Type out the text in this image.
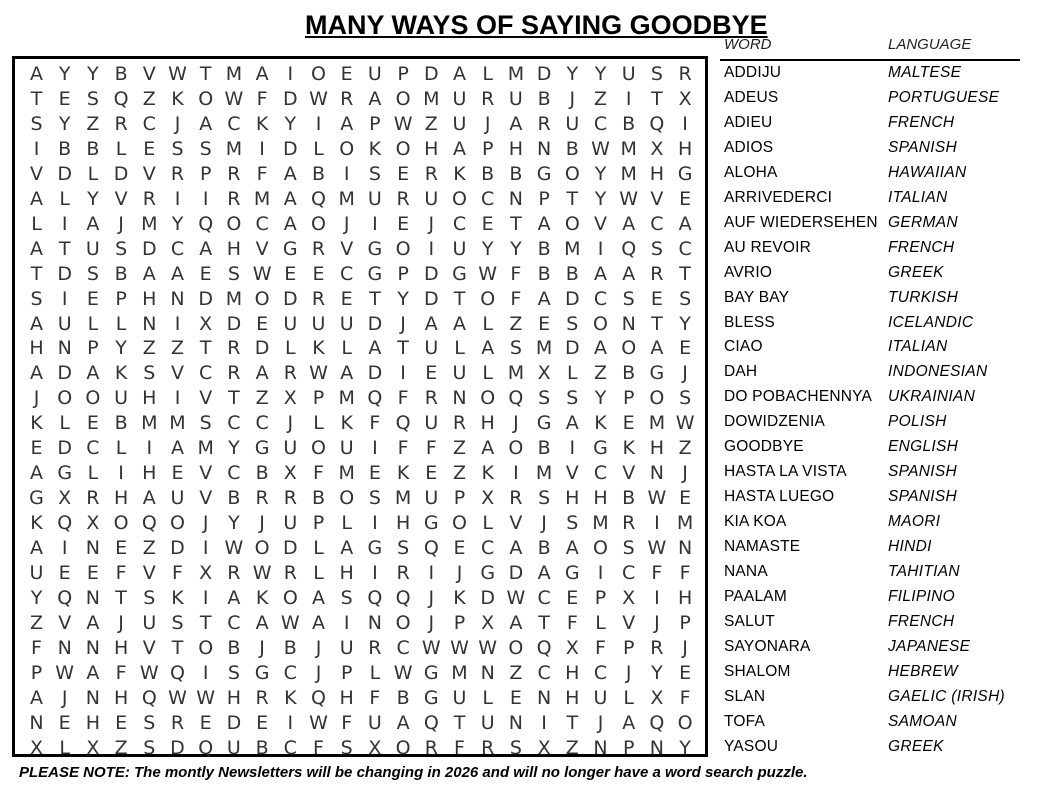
MANY WAYS OF SAYING GOODBYE
A Y Y B V W T M A I O E U P D A L M D Y Y U S R
T E S Q Z K O W F D W R A O M U R U B J Z I	T X
S Y Z R C J A C K Y	I A P W Z U J A R U C B Q I
I B B L E S S M I D L O K O H A P H N B W M X H
V D L D V R P R F A B I	S E R K B B G O Y M H G
A L Y V R I	I R M A Q M U R U O C N P T Y W V E
L	I A J M Y Q O C A O J	I	E	J C E T A O V A C A
A T U S D C A H V G R V G O I U Y Y B M I Q S C
T D S B A A E S W E E C G P D G W F B B A A R T
S	I	E P H N D M O D R E T Y D T O F A D C S E S
A U L L N I X D E U U U D J A A L Z E S O N T Y
H N P Y Z Z T R D L K L A T U L A S M D A O A E
A D A K S V C R A R W A D I	E U L M X L Z B G J
J O O U H I V T Z X P M Q F R N O Q S S Y P O S
K L E B M M S C C J	L K F Q U R H J G A K E M W
E D C L	I A M Y G U O U I	F F Z A O B I G K H Z
A G L	I H E V C B X F M E K E Z K	I M V C V N J
G X R H A U V B R R B O S M U P X R S H H B W E
K Q X O Q O J	Y	J U P L	I H G O L V J	S M R I M
A I N E Z D I W O D L A G S Q E C A B A O S W N
U E E F V F X R W R L H I R I	J G D A G I C F F
Y Q N T S K	I A K O A S Q Q J	K D W C E P X I H
Z V A J U S T C A W A I N O J	P X A T F L V J	P
F N N H V T O B J B J U R C W W W O Q X F P R J
P W A F W Q I	S G C J	P L W G M N Z C H C J	Y E
A J N H Q W W H R K Q H F B G U L E N H U L X F
N E H E S R E D E	I W F U A Q T U N I	T	J A Q O
X L X Z S D Q U B C F S X O R F R S X Z N P N Y
WORD	LANGUAGE
ADDIJU	MALTESE
ADEUS	PORTUGUESE
ADIEU	FRENCH
ADIOS	SPANISH
ALOHA	HAWAIIAN
ARRIVEDERCI	ITALIAN
AUF WIEDERSEHEN GERMAN
AU REVOIR	FRENCH
AVRIO	GREEK
BAY BAY	TURKISH
BLESS	ICELANDIC
CIAO	ITALIAN
DAH	INDONESIAN
DO POBACHENNYA UKRAINIAN
DOWIDZENIA	POLISH
GOODBYE	ENGLISH
HASTA LA VISTA	SPANISH
HASTA LUEGO	SPANISH
KIA KOA	MAORI
NAMASTE	HINDI
NANA	TAHITIAN
PAALAM	FILIPINO
SALUT	FRENCH
SAYONARA	JAPANESE
SHALOM	HEBREW
SLAN	GAELIC (IRISH)
TOFA	SAMOAN
YASOU	GREEK
PLEASE NOTE: The montly Newsletters will be changing in 2026 and will no longer have a word search puzzle.
